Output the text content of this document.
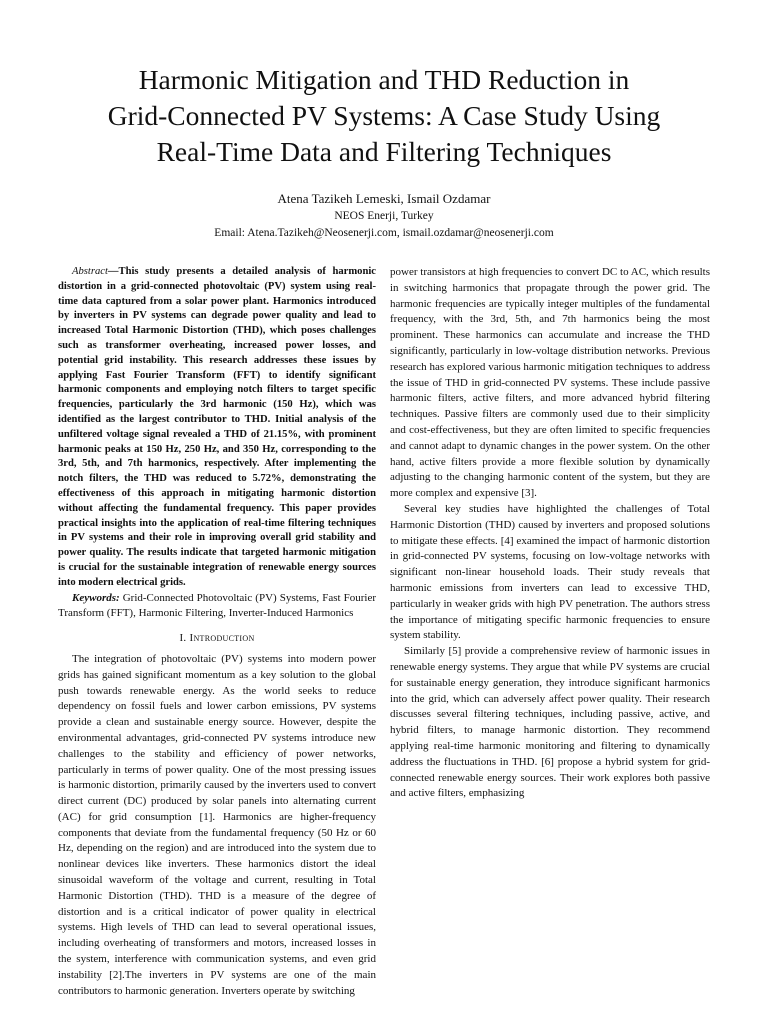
Harmonic Mitigation and THD Reduction in
Grid-Connected PV Systems: A Case Study Using
Real-Time Data and Filtering Techniques
Atena Tazikeh Lemeski, Ismail Ozdamar
NEOS Enerji, Turkey
Email: Atena.Tazikeh@Neosenerji.com, ismail.ozdamar@neosenerji.com

Abstract—This study presents a detailed analysis of harmonic distortion in a grid-connected photovoltaic (PV) system using real-time data captured from a solar power plant. Harmonics introduced by inverters in PV systems can degrade power quality and lead to increased Total Harmonic Distortion (THD), which poses challenges such as transformer overheating, increased power losses, and potential grid instability. This research addresses these issues by applying Fast Fourier Transform (FFT) to identify significant harmonic components and employing notch filters to target specific frequencies, particularly the 3rd harmonic (150 Hz), which was identified as the largest contributor to THD. Initial analysis of the unfiltered voltage signal revealed a THD of 21.15%, with prominent harmonic peaks at 150 Hz, 250 Hz, and 350 Hz, corresponding to the 3rd, 5th, and 7th harmonics, respectively. After implementing the notch filters, the THD was reduced to 5.72%, demonstrating the effectiveness of this approach in mitigating harmonic distortion without affecting the fundamental frequency. This paper provides practical insights into the application of real-time filtering techniques in PV systems and their role in improving overall grid stability and power quality. The results indicate that targeted harmonic mitigation is crucial for the sustainable integration of renewable energy sources into modern electrical grids.

Keywords: Grid-Connected Photovoltaic (PV) Systems, Fast Fourier Transform (FFT), Harmonic Filtering, Inverter-Induced Harmonics

I. Introduction

The integration of photovoltaic (PV) systems into modern power grids has gained significant momentum as a key solution to the global push towards renewable energy. As the world seeks to reduce dependency on fossil fuels and lower carbon emissions, PV systems provide a clean and sustainable energy source. However, despite the environmental advantages, grid-connected PV systems introduce new challenges to the stability and efficiency of power networks, particularly in terms of power quality. One of the most pressing issues is harmonic distortion, primarily caused by the inverters used to convert direct current (DC) produced by solar panels into alternating current (AC) for grid consumption [1]. Harmonics are higher-frequency components that deviate from the fundamental frequency (50 Hz or 60 Hz, depending on the region) and are introduced into the system due to nonlinear devices like inverters. These harmonics distort the ideal sinusoidal waveform of the voltage and current, resulting in Total Harmonic Distortion (THD). THD is a measure of the degree of distortion and is a critical indicator of power quality in electrical systems. High levels of THD can lead to several operational issues, including overheating of transformers and motors, increased losses in the system, interference with communication systems, and even grid instability [2].The inverters in PV systems are one of the main contributors to harmonic generation. Inverters operate by switching

power transistors at high frequencies to convert DC to AC, which results in switching harmonics that propagate through the power grid. The harmonic frequencies are typically integer multiples of the fundamental frequency, with the 3rd, 5th, and 7th harmonics being the most prominent. These harmonics can accumulate and increase the THD significantly, particularly in low-voltage distribution networks. Previous research has explored various harmonic mitigation techniques to address the issue of THD in grid-connected PV systems. These include passive harmonic filters, active filters, and more advanced hybrid filtering techniques. Passive filters are commonly used due to their simplicity and cost-effectiveness, but they are often limited to specific frequencies and cannot adapt to dynamic changes in the power system. On the other hand, active filters provide a more flexible solution by dynamically adjusting to the changing harmonic content of the system, but they are more complex and expensive [3].

Several key studies have highlighted the challenges of Total Harmonic Distortion (THD) caused by inverters and proposed solutions to mitigate these effects. [4] examined the impact of harmonic distortion in grid-connected PV systems, focusing on low-voltage networks with significant non-linear household loads. Their study reveals that harmonic emissions from inverters can lead to excessive THD, particularly in weaker grids with high PV penetration. The authors stress the importance of mitigating specific harmonic frequencies to ensure system stability.

Similarly [5] provide a comprehensive review of harmonic issues in renewable energy systems. They argue that while PV systems are crucial for sustainable energy generation, they introduce significant harmonics into the grid, which can adversely affect power quality. Their research discusses several filtering techniques, including passive, active, and hybrid filters, to manage harmonic distortion. They recommend applying real-time harmonic monitoring and filtering to dynamically address the fluctuations in THD. [6] propose a hybrid system for grid-connected renewable energy sources. Their work explores both passive and active filters, emphasizing
